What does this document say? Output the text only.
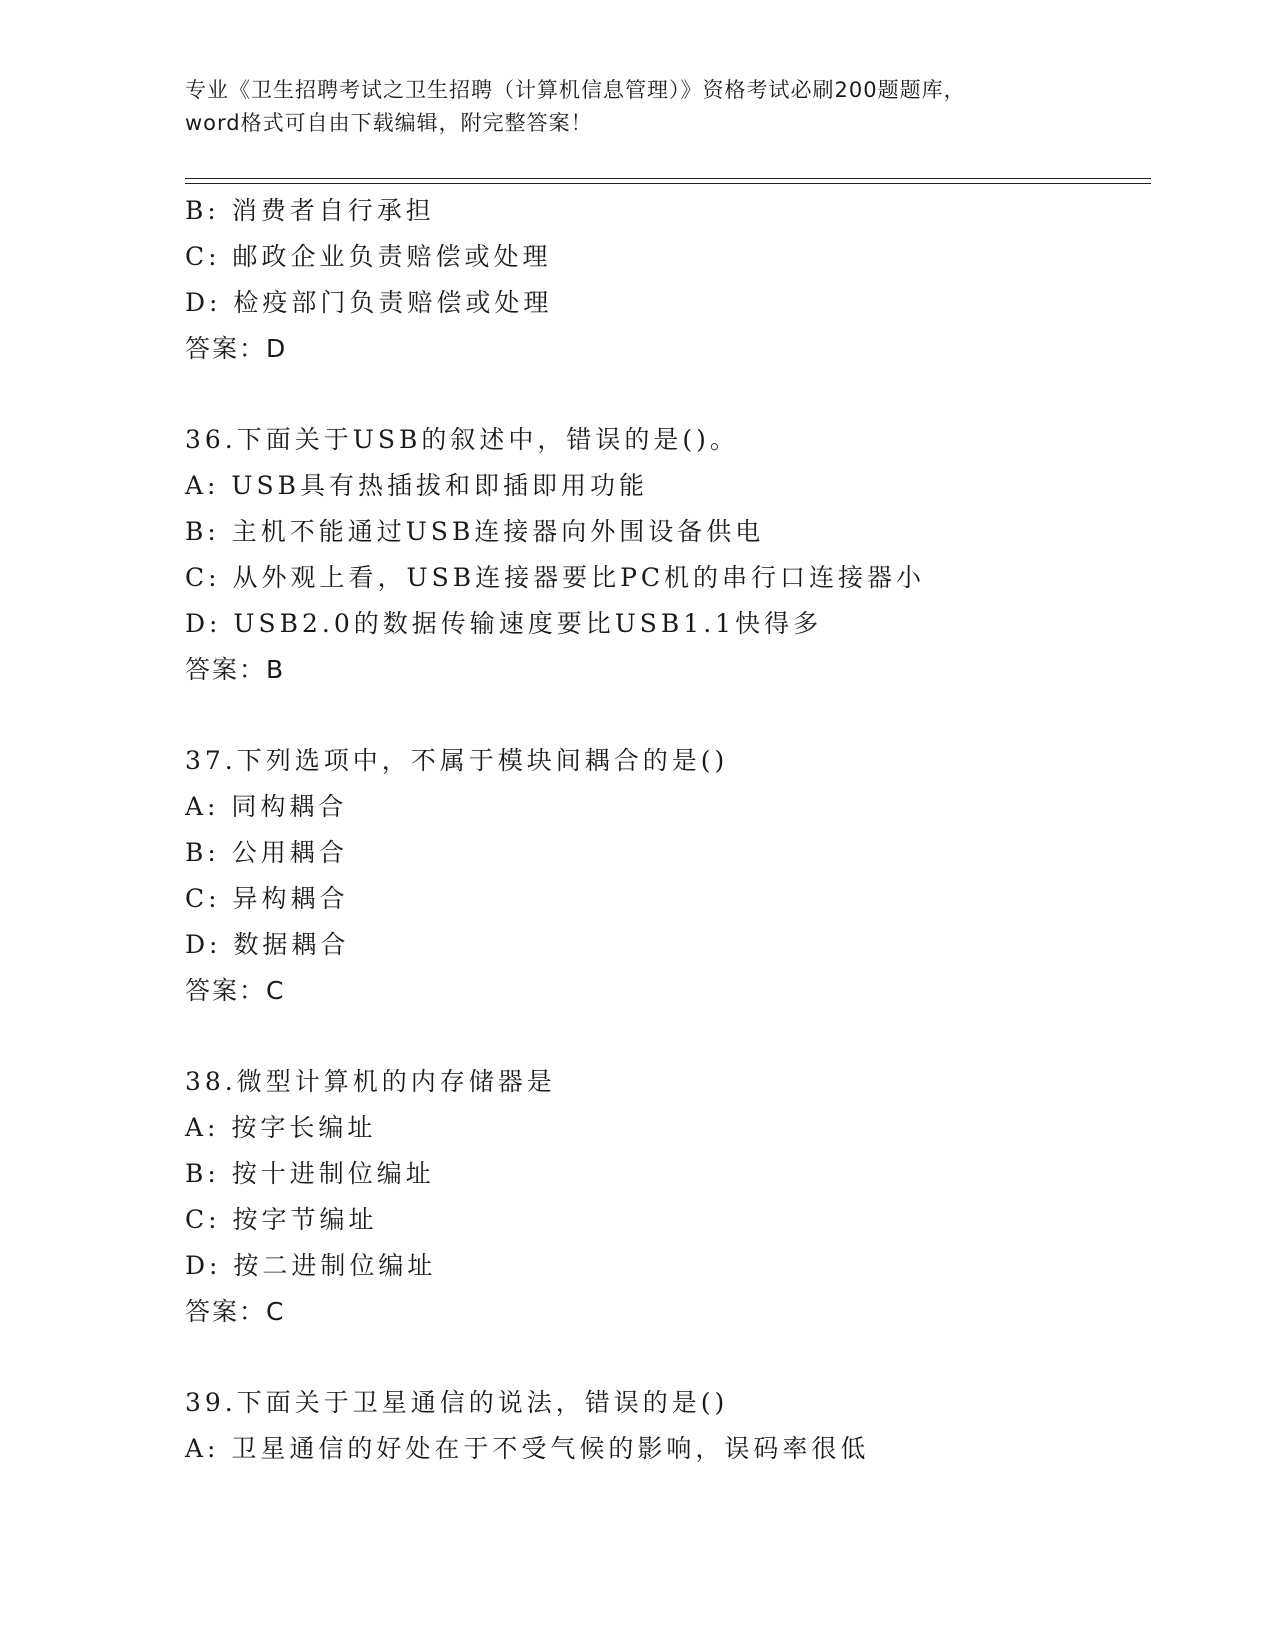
专业《卫生招聘考试之卫生招聘（计算机信息管理）》资格考试必刷200题题库，
word格式可自由下载编辑，附完整答案！
B: 消费者自行承担
C: 邮政企业负责赔偿或处理
D: 检疫部门负责赔偿或处理
答案：D
36.下面关于USB的叙述中，错误的是()。
A: USB具有热插拔和即插即用功能
B: 主机不能通过USB连接器向外围设备供电
C: 从外观上看，USB连接器要比PC机的串行口连接器小
D: USB2.0的数据传输速度要比USB1.1快得多
答案：B
37.下列选项中，不属于模块间耦合的是()
A: 同构耦合
B: 公用耦合
C: 异构耦合
D: 数据耦合
答案：C
38.微型计算机的内存储器是
A: 按字长编址
B: 按十进制位编址
C: 按字节编址
D: 按二进制位编址
答案：C
39.下面关于卫星通信的说法，错误的是()
A: 卫星通信的好处在于不受气候的影响，误码率很低
